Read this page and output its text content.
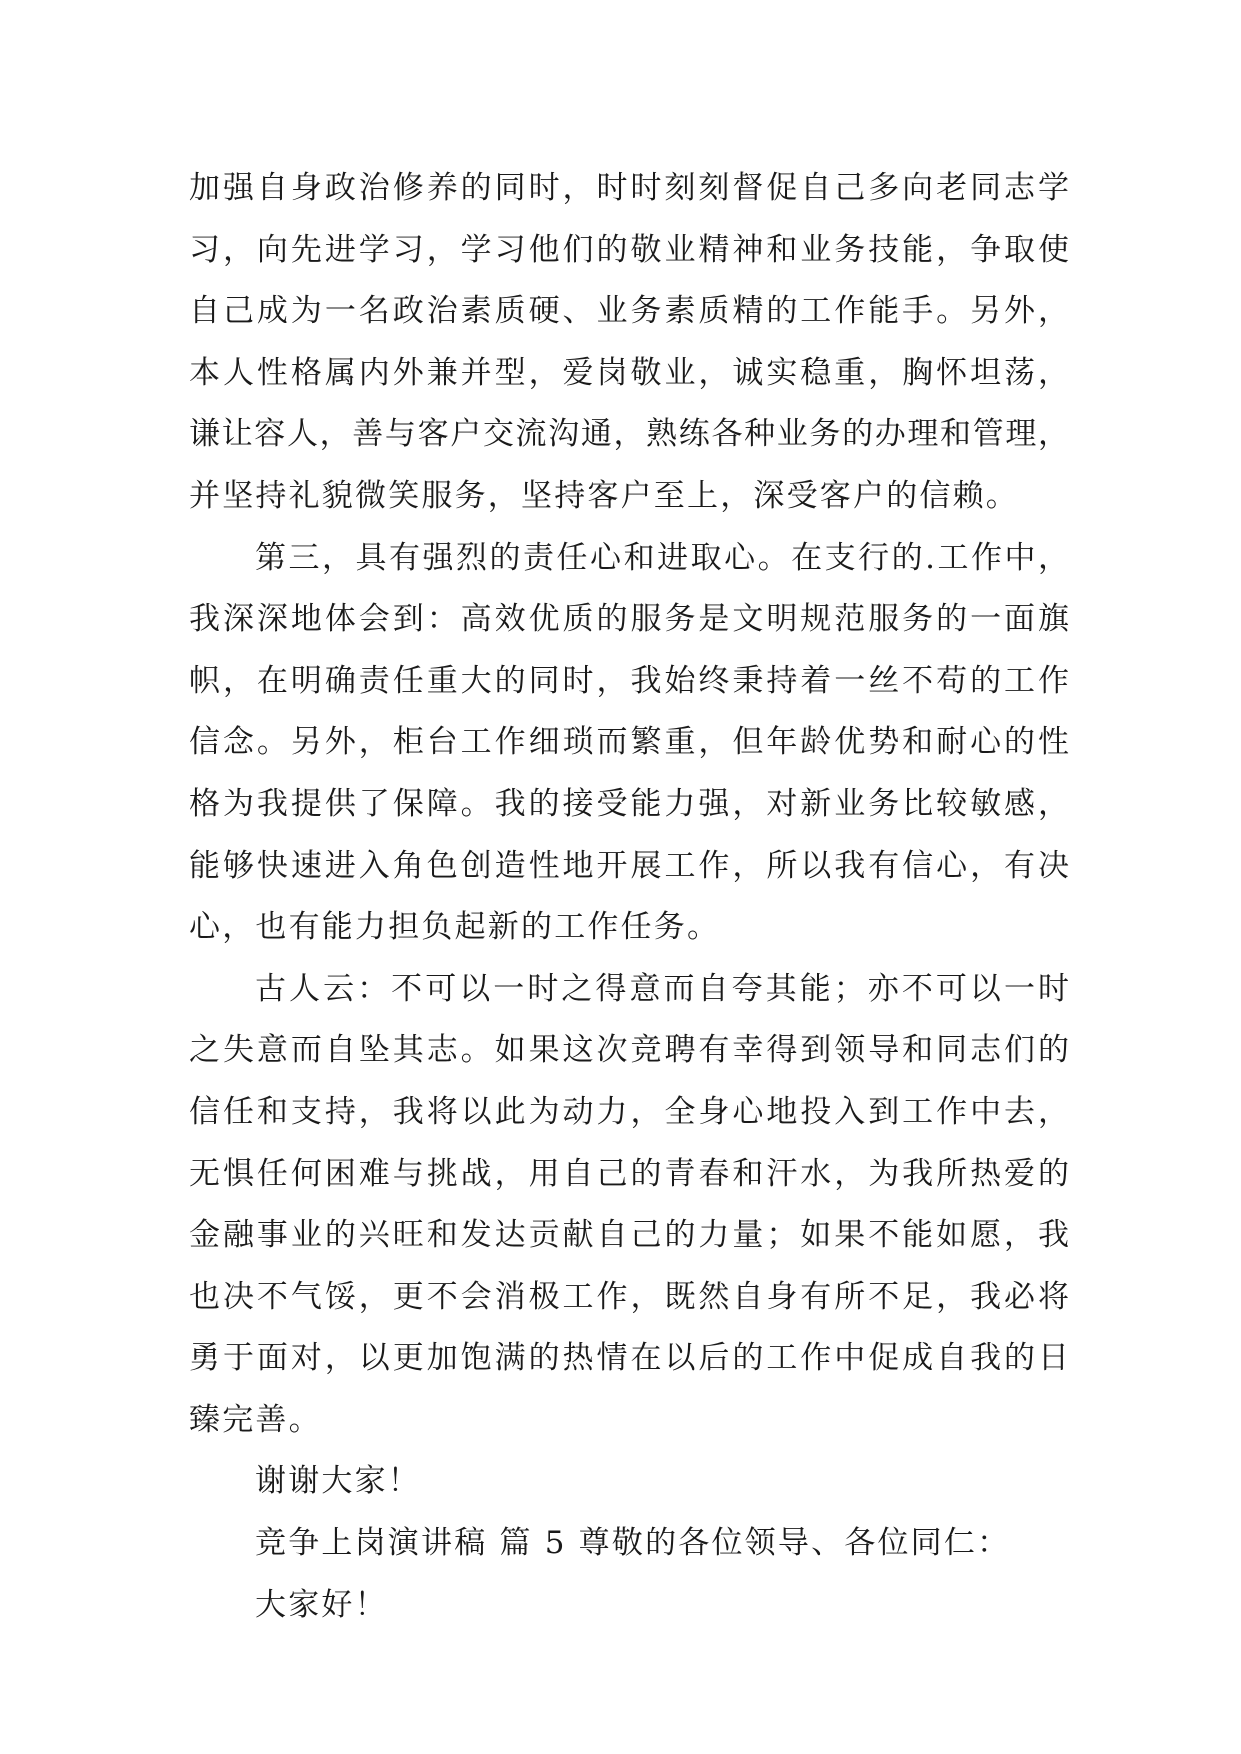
加强自身政治修养的同时，时时刻刻督促自己多向老同志学
习，向先进学习，学习他们的敬业精神和业务技能，争取使
自己成为一名政治素质硬、业务素质精的工作能手。另外，
本人性格属内外兼并型，爱岗敬业，诚实稳重，胸怀坦荡，
谦让容人，善与客户交流沟通，熟练各种业务的办理和管理，
并坚持礼貌微笑服务，坚持客户至上，深受客户的信赖。
第三，具有强烈的责任心和进取心。在支行的.工作中，
我深深地体会到：高效优质的服务是文明规范服务的一面旗
帜，在明确责任重大的同时，我始终秉持着一丝不苟的工作
信念。另外，柜台工作细琐而繁重，但年龄优势和耐心的性
格为我提供了保障。我的接受能力强，对新业务比较敏感，
能够快速进入角色创造性地开展工作，所以我有信心，有决
心，也有能力担负起新的工作任务。
古人云：不可以一时之得意而自夸其能；亦不可以一时
之失意而自坠其志。如果这次竞聘有幸得到领导和同志们的
信任和支持，我将以此为动力，全身心地投入到工作中去，
无惧任何困难与挑战，用自己的青春和汗水，为我所热爱的
金融事业的兴旺和发达贡献自己的力量；如果不能如愿，我
也决不气馁，更不会消极工作，既然自身有所不足，我必将
勇于面对，以更加饱满的热情在以后的工作中促成自我的日
臻完善。
谢谢大家！
竞争上岗演讲稿 篇 5 尊敬的各位领导、各位同仁：
大家好！
